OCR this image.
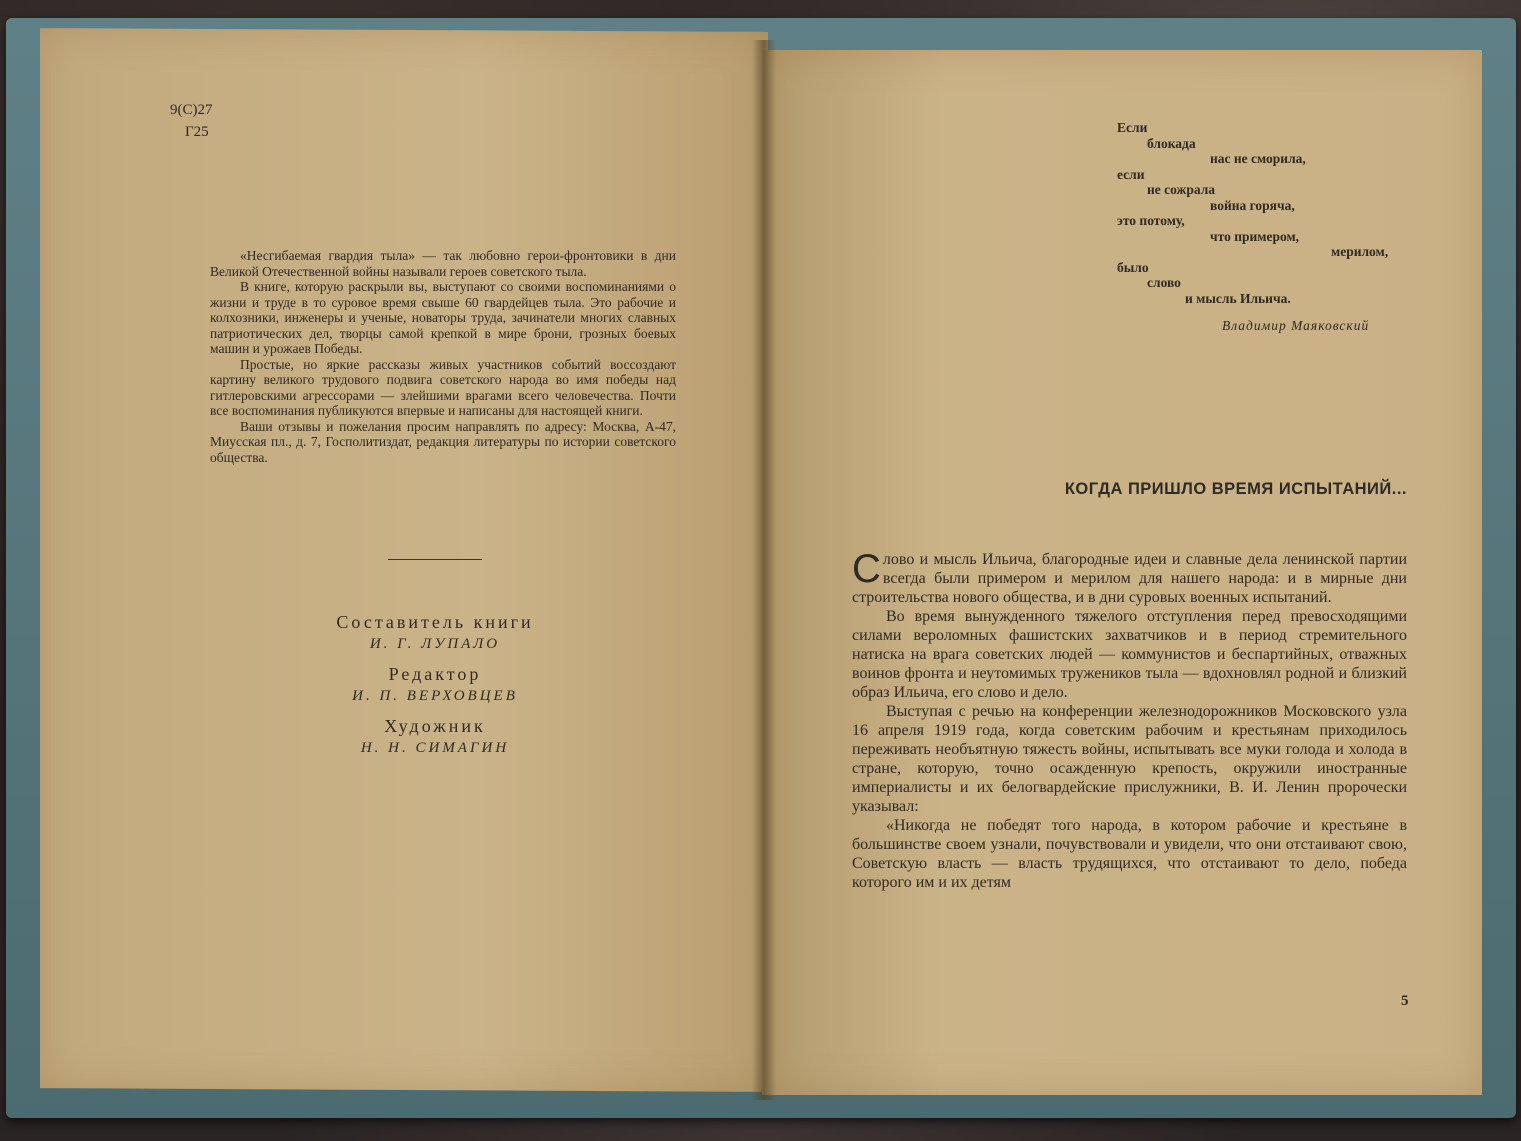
9(С)27
Г25

«Несгибаемая гвардия тыла» — так любовно герои-фронтовики в дни Великой Отечественной войны называли героев советского тыла.

В книге, которую раскрыли вы, выступают со своими воспоминаниями о жизни и труде в то суровое время свыше 60 гвардейцев тыла. Это рабочие и колхозники, инженеры и ученые, новаторы труда, зачинатели многих славных патриотических дел, творцы самой крепкой в мире брони, грозных боевых машин и урожаев Победы.

Простые, но яркие рассказы живых участников событий воссоздают картину великого трудового подвига советского народа во имя победы над гитлеровскими агрессорами — злейшими врагами всего человечества. Почти все воспоминания публикуются впервые и написаны для настоящей книги.

Ваши отзывы и пожелания просим направлять по адресу: Москва, А-47, Миусская пл., д. 7, Госполитиздат, редакция литературы по истории советского общества.

Составитель книги
И. Г. ЛУПАЛО
Редактор
И. П. ВЕРХОВЦЕВ
Художник
Н. Н. СИМАГИН
Если
блокада
нас не сморила,
если
не сожрала
война горяча,
это потому,
что примером,
мерилом,
было
слово
и мысль Ильича.
Владимир Маяковский
КОГДА ПРИШЛО ВРЕМЯ ИСПЫТАНИЙ...

Слово и мысль Ильича, благородные идеи и славные дела ленинской партии всегда были примером и мерилом для нашего народа: и в мирные дни строительства нового общества, и в дни суровых военных испытаний.

Во время вынужденного тяжелого отступления перед превосходящими силами вероломных фашистских захватчиков и в период стремительного натиска на врага советских людей — коммунистов и беспартийных, отважных воинов фронта и неутомимых тружеников тыла — вдохновлял родной и близкий образ Ильича, его слово и дело.

Выступая с речью на конференции железнодорожников Московского узла 16 апреля 1919 года, когда советским рабочим и крестьянам приходилось переживать необъятную тяжесть войны, испытывать все муки голода и холода в стране, которую, точно осажденную крепость, окружили иностранные империалисты и их белогвардейские прислужники, В. И. Ленин пророчески указывал:

«Никогда не победят того народа, в котором рабочие и крестьяне в большинстве своем узнали, почувствовали и увидели, что они отстаивают свою, Советскую власть — власть трудящихся, что отстаивают то дело, победа которого им и их детям

5
